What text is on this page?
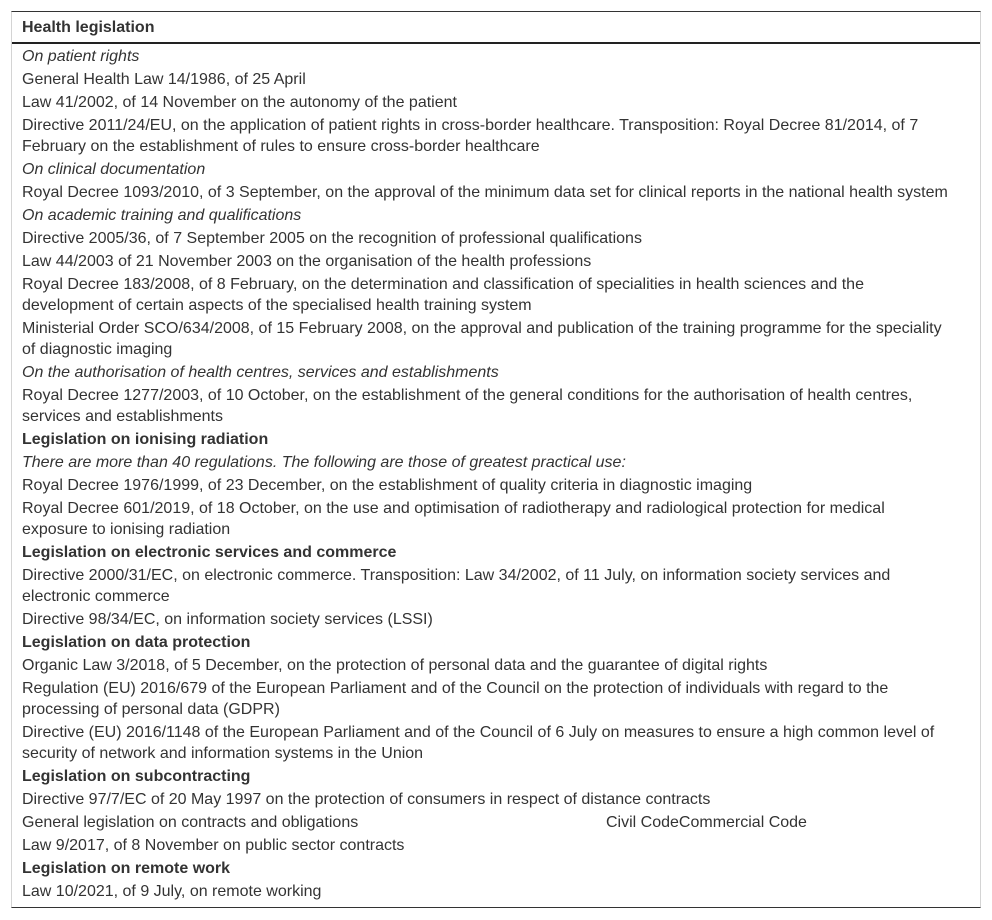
Health legislation
On patient rights
General Health Law 14/1986, of 25 April
Law 41/2002, of 14 November on the autonomy of the patient
Directive 2011/24/EU, on the application of patient rights in cross-border healthcare. Transposition: Royal Decree 81/2014, of 7 February on the establishment of rules to ensure cross-border healthcare
On clinical documentation
Royal Decree 1093/2010, of 3 September, on the approval of the minimum data set for clinical reports in the national health system
On academic training and qualifications
Directive 2005/36, of 7 September 2005 on the recognition of professional qualifications
Law 44/2003 of 21 November 2003 on the organisation of the health professions
Royal Decree 183/2008, of 8 February, on the determination and classification of specialities in health sciences and the development of certain aspects of the specialised health training system
Ministerial Order SCO/634/2008, of 15 February 2008, on the approval and publication of the training programme for the speciality of diagnostic imaging
On the authorisation of health centres, services and establishments
Royal Decree 1277/2003, of 10 October, on the establishment of the general conditions for the authorisation of health centres, services and establishments
Legislation on ionising radiation
There are more than 40 regulations. The following are those of greatest practical use:
Royal Decree 1976/1999, of 23 December, on the establishment of quality criteria in diagnostic imaging
Royal Decree 601/2019, of 18 October, on the use and optimisation of radiotherapy and radiological protection for medical exposure to ionising radiation
Legislation on electronic services and commerce
Directive 2000/31/EC, on electronic commerce. Transposition: Law 34/2002, of 11 July, on information society services and electronic commerce
Directive 98/34/EC, on information society services (LSSI)
Legislation on data protection
Organic Law 3/2018, of 5 December, on the protection of personal data and the guarantee of digital rights
Regulation (EU) 2016/679 of the European Parliament and of the Council on the protection of individuals with regard to the processing of personal data (GDPR)
Directive (EU) 2016/1148 of the European Parliament and of the Council of 6 July on measures to ensure a high common level of security of network and information systems in the Union
Legislation on subcontracting
Directive 97/7/EC of 20 May 1997 on the protection of consumers in respect of distance contracts
General legislation on contracts and obligations	Civil CodeCommercial Code
Law 9/2017, of 8 November on public sector contracts
Legislation on remote work
Law 10/2021, of 9 July, on remote working
